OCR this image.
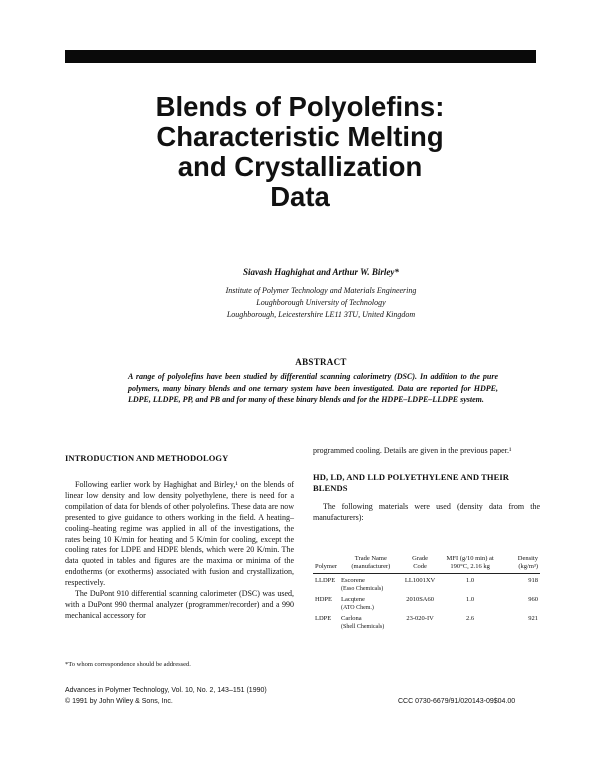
Blends of Polyolefins:
Characteristic Melting
and Crystallization
Data
Siavash Haghighat and Arthur W. Birley*
Institute of Polymer Technology and Materials Engineering
Loughborough University of Technology
Loughborough, Leicestershire LE11 3TU, United Kingdom
ABSTRACT
A range of polyolefins have been studied by differential scanning calorimetry (DSC). In addition to the pure polymers, many binary blends and one ternary system have been investigated. Data are reported for HDPE, LDPE, LLDPE, PP, and PB and for many of these binary blends and for the HDPE–LDPE–LLDPE system.

INTRODUCTION AND METHODOLOGY

Following earlier work by Haghighat and Birley,¹ on the blends of linear low density and low density polyethylene, there is need for a compilation of data for blends of other polyolefins. These data are now presented to give guidance to others working in the field. A heating–cooling–heating regime was applied in all of the investigations, the rates being 10 K/min for heating and 5 K/min for cooling, except the cooling rates for LDPE and HDPE blends, which were 20 K/min. The data quoted in tables and figures are the maxima or minima of the endotherms (or exotherms) associated with fusion and crystallization, respectively.

The DuPont 910 differential scanning calorimeter (DSC) was used, with a DuPont 990 thermal analyzer (programmer/recorder) and a 990 mechanical accessory for

programmed cooling. Details are given in the previous paper.¹

HD, LD, AND LLD POLYETHYLENE AND THEIR BLENDS

The following materials were used (density data from the manufacturers):

Polymer	Trade Name (manufacturer)	Grade Code	MFI (g/10 min) at 190°C, 2.16 kg	Density (kg/m³)
LLDPE	Escorene
(Esso Chemicals)	LL1001XV	1.0	918
HDPE	Lacqtene
(ATO Chem.)	2010SA60	1.0	960
LDPE	Carlona
(Shell Chemicals)	23-020-IV	2.6	921
*To whom correspondence should be addressed.
Advances in Polymer Technology, Vol. 10, No. 2, 143–151 (1990)
© 1991 by John Wiley & Sons, Inc.	CCC 0730-6679/91/020143-09$04.00
